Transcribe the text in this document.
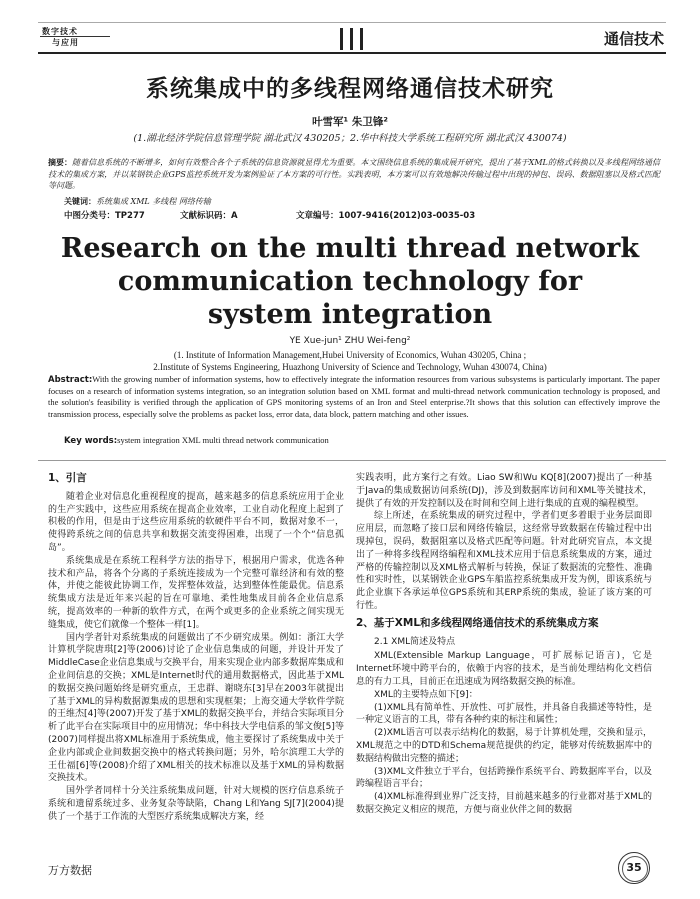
数字技术
与应用	通信技术
系统集成中的多线程网络通信技术研究
叶雪军¹ 朱卫锋²
(1.湖北经济学院信息管理学院 湖北武汉 430205；2.华中科技大学系统工程研究所 湖北武汉 430074)
摘要：随着信息系统的不断增多，如何有效整合各个子系统的信息资源就显得尤为重要。本文围绕信息系统的集成展开研究，提出了基于XML的格式转换以及多线程网络通信技术的集成方案，并以某钢铁企业GPS监控系统开发为案例验证了本方案的可行性。实践表明，本方案可以有效地解决传输过程中出现的掉包、误码、数据阻塞以及格式匹配等问题。
关键词：系统集成 XML 多线程 网络传输
中图分类号：TP277	文献标识码：A	文章编号：1007-9416(2012)03-0035-03
Research on the multi thread network
communication technology for
system integration
YE Xue-jun¹ ZHU Wei-feng²
(1. Institute of Information Management,Hubei University of Economics, Wuhan 430205, China ;
2.Institute of Systems Engineering, Huazhong University of Science and Technology, Wuhan 430074, China)
Abstract:With the growing number of information systems, how to effectively integrate the information resources from various subsystems is particularly important. The paper focuses on a research of information systems integration, so an integration solution based on XML format and multi-thread network communication technology is proposed, and the solution's feasibility is verified through the application of GPS monitoring systems of an Iron and Steel enterprise.?It shows that this solution can effectively improve the transmission process, especially solve the problems as packet loss, error data, data block, pattern matching and other issues.
Key words:system integration XML multi thread network communication
1、引言

随着企业对信息化重视程度的提高，越来越多的信息系统应用于企业的生产实践中，这些应用系统在提高企业效率，工业自动化程度上起到了积极的作用，但是由于这些应用系统的软硬件平台不同，数据对象不一，使得跨系统之间的信息共享和数据交流变得困难，出现了一个个“信息孤岛”。

系统集成是在系统工程科学方法的指导下，根据用户需求，优选各种技术和产品，将各个分离的子系统连接成为一个完整可靠经济和有效的整体，并使之能彼此协调工作，发挥整体效益，达到整体性能最优。信息系统集成方法是近年来兴起的旨在可靠地、柔性地集成目前各企业信息系统，提高效率的一种新的软件方式，在两个或更多的企业系统之间实现无缝集成，使它们就像一个整体一样[1]。

国内学者针对系统集成的问题做出了不少研究成果。例如：浙江大学计算机学院唐琪[2]等(2006)讨论了企业信息集成的问题，并设计开发了MiddleCase企业信息集成与交换平台，用来实现企业内部多数据库集成和企业间信息的交换；XML是Internet时代的通用数据格式，因此基于XML的数据交换问题始终是研究重点，王忠群、谢晓东[3]早在2003年就提出了基于XML的异构数据源集成的思想和实现框架；上海交通大学软件学院的王维杰[4]等(2007)开发了基于XML的数据交换平台，并结合实际项目分析了此平台在实际项目中的应用情况；华中科技大学电信系的邹文俊[5]等(2007)同样提出将XML标准用于系统集成，他主要探讨了系统集成中关于企业内部或企业间数据交换中的格式转换问题；另外，哈尔滨理工大学的王仕福[6]等(2008)介绍了XML相关的技术标准以及基于XML的异构数据交换技术。

国外学者同样十分关注系统集成问题，针对大规模的医疗信息系统子系统和遗留系统过多、业务复杂等缺陷，Chang L和Yang SJ[7](2004)提供了一个基于工作流的大型医疗系统集成解决方案，经

实践表明，此方案行之有效。Liao SW和Wu KQ[8](2007)提出了一种基于Java的集成数据访问系统(DJ)，涉及到数据库访问和XML等关键技术，提供了有效的开发控制以及在时间和空间上进行集成的直观的编程模型。

综上所述，在系统集成的研究过程中，学者们更多着眼于业务层面即应用层，而忽略了接口层和网络传输层，这经常导致数据在传输过程中出现掉包，误码，数据阻塞以及格式匹配等问题。针对此研究盲点，本文提出了一种将多线程网络编程和XML技术应用于信息系统集成的方案，通过严格的传输控制以及XML格式解析与转换，保证了数据流的完整性、准确性和实时性，以某钢铁企业GPS车船监控系统集成开发为例，即该系统与此企业旗下各承运单位GPS系统和其ERP系统的集成，验证了该方案的可行性。

2、基于XML和多线程网络通信技术的系统集成方案
2.1 XML简述及特点

XML(Extensible Markup Language，可扩展标记语言)，它是Internet环境中跨平台的，依赖于内容的技术，是当前处理结构化文档信息的有力工具，目前正在迅速成为网络数据交换的标准。

XML的主要特点如下[9]：

(1)XML具有简单性、开放性、可扩展性，并具备自我描述等特性，是一种定义语言的工具，带有各种约束的标注和属性；

(2)XML语言可以表示结构化的数据，易于计算机处理，交换和显示，XML规范之中的DTD和Schema规范提供的约定，能够对传统数据库中的数据结构做出完整的描述；

(3)XML文件独立于平台，包括跨操作系统平台、跨数据库平台，以及跨编程语言平台；

(4)XML标准得到业界广泛支持，目前越来越多的行业都对基于XML的数据交换定义相应的规范，方便与商业伙伴之间的数据

万方数据	35
